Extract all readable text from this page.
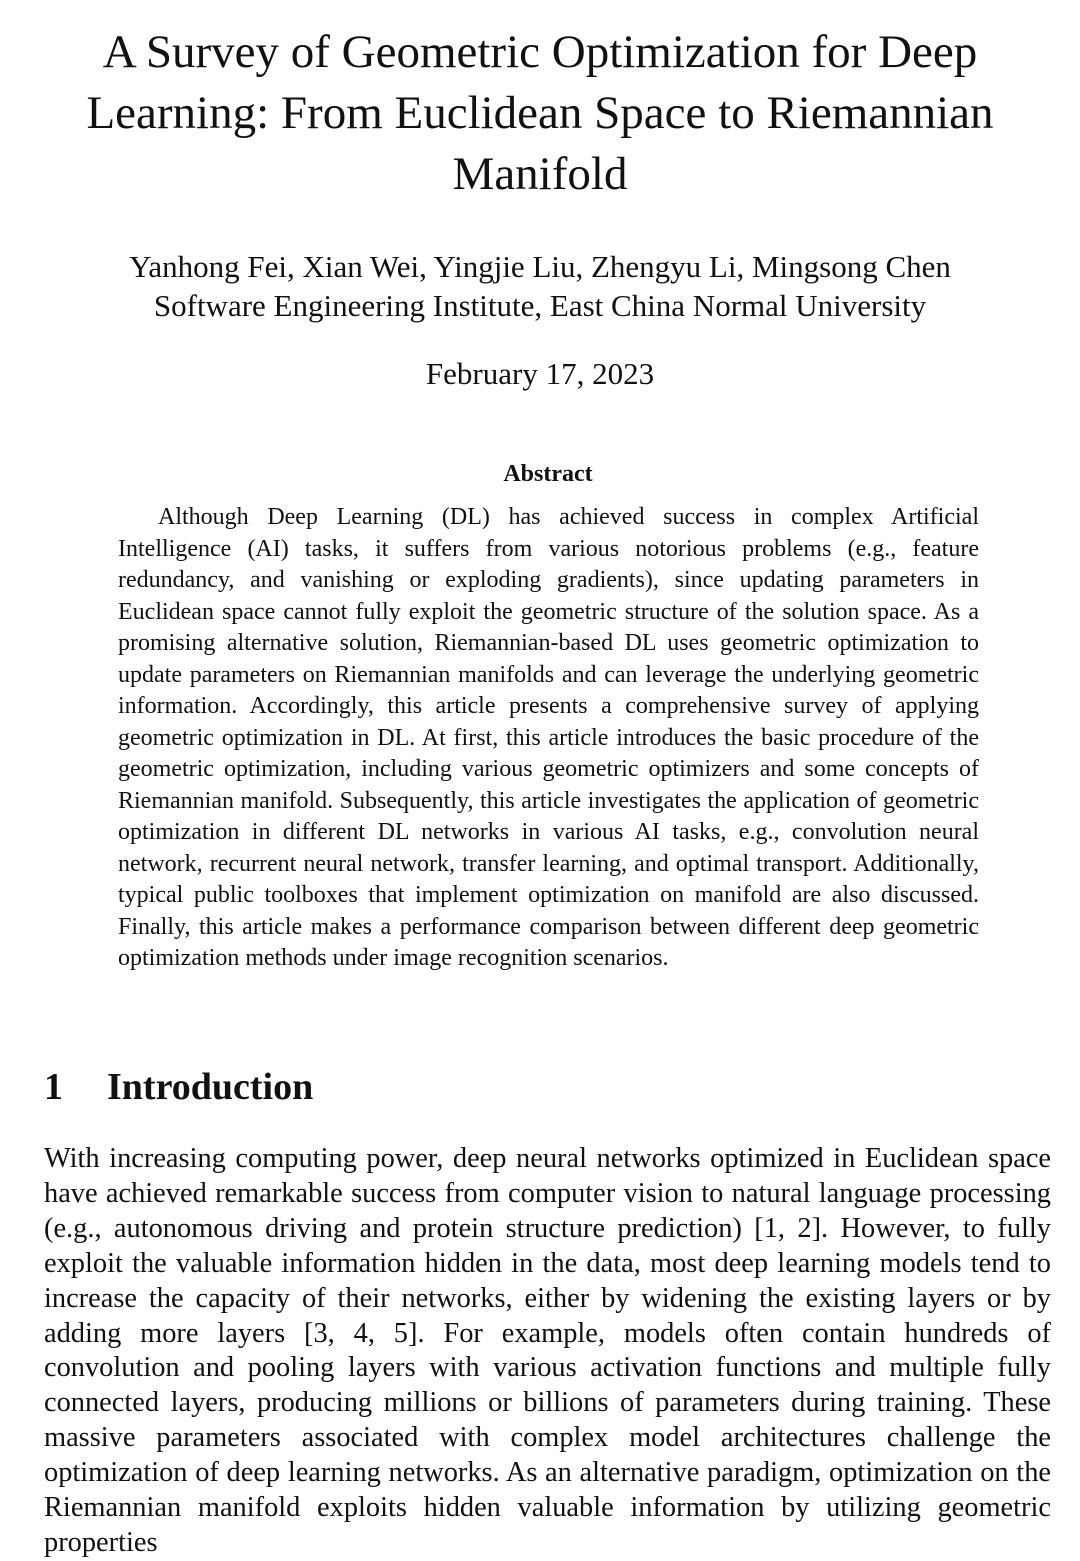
A Survey of Geometric Optimization for Deep Learning: From Euclidean Space to Riemannian Manifold

Yanhong Fei, Xian Wei, Yingjie Liu, Zhengyu Li, Mingsong Chen

Software Engineering Institute, East China Normal University

February 17, 2023

Abstract

Although Deep Learning (DL) has achieved success in complex Artificial Intelligence (AI) tasks, it suffers from various notorious problems (e.g., feature redundancy, and vanishing or exploding gradients), since updating parameters in Euclidean space cannot fully exploit the geometric structure of the solution space. As a promising alternative solution, Riemannian-based DL uses geometric optimization to update parameters on Riemannian manifolds and can leverage the underlying geometric information. Accordingly, this article presents a comprehensive survey of applying geometric optimization in DL. At first, this article introduces the basic procedure of the geometric optimization, including various geometric optimizers and some concepts of Riemannian manifold. Subsequently, this article investigates the application of geometric optimization in different DL networks in various AI tasks, e.g., convolution neural network, recurrent neural network, transfer learning, and optimal transport. Additionally, typical public toolboxes that implement optimization on manifold are also discussed. Finally, this article makes a performance comparison between different deep geometric optimization methods under image recognition scenarios.

1 Introduction

With increasing computing power, deep neural networks optimized in Euclidean space have achieved remarkable success from computer vision to natural language processing (e.g., autonomous driving and protein structure prediction) [1, 2]. However, to fully exploit the valuable information hidden in the data, most deep learning models tend to increase the capacity of their networks, either by widening the existing layers or by adding more layers [3, 4, 5]. For example, models often contain hundreds of convolution and pooling layers with various activation functions and multiple fully connected layers, producing millions or billions of parameters during training. These massive parameters associated with complex model architectures challenge the optimization of deep learning networks. As an alternative paradigm, optimization on the Riemannian manifold exploits hidden valuable information by utilizing geometric properties
